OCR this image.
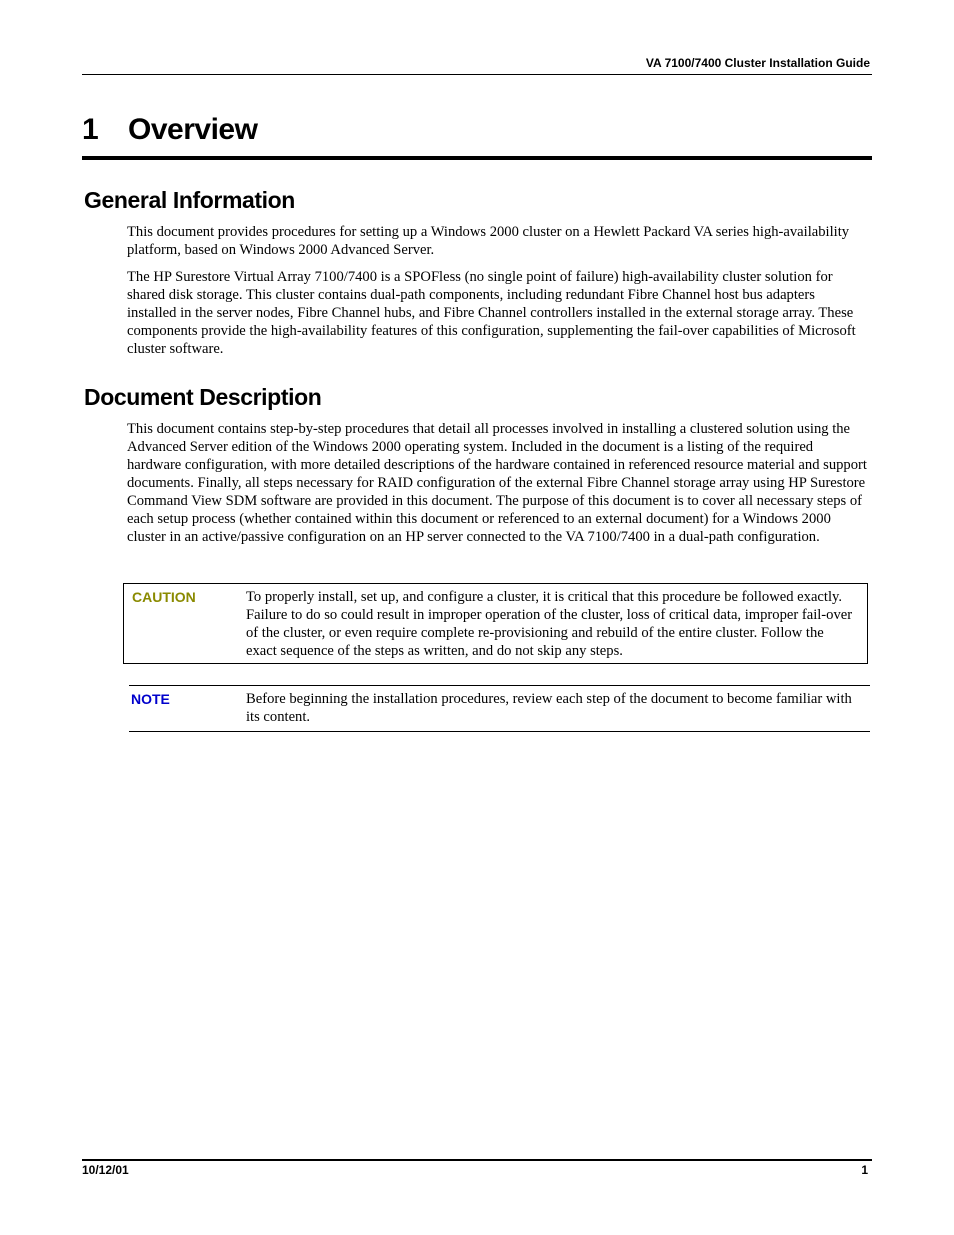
VA 7100/7400 Cluster Installation Guide
1 Overview
General Information

This document provides procedures for setting up a Windows 2000 cluster on a Hewlett Packard VA series high-availability platform, based on Windows 2000 Advanced Server.

The HP Surestore Virtual Array 7100/7400 is a SPOFless (no single point of failure) high-availability cluster solution for shared disk storage. This cluster contains dual-path components, including redundant Fibre Channel host bus adapters installed in the server nodes, Fibre Channel hubs, and Fibre Channel controllers installed in the external storage array. These components provide the high-availability features of this configuration, supplementing the fail-over capabilities of Microsoft cluster software.

Document Description

This document contains step-by-step procedures that detail all processes involved in installing a clustered solution using the Advanced Server edition of the Windows 2000 operating system. Included in the document is a listing of the required hardware configuration, with more detailed descriptions of the hardware contained in referenced resource material and support documents. Finally, all steps necessary for RAID configuration of the external Fibre Channel storage array using HP Surestore Command View SDM software are provided in this document. The purpose of this document is to cover all necessary steps of each setup process (whether contained within this document or referenced to an external document) for a Windows 2000 cluster in an active/passive configuration on an HP server connected to the VA 7100/7400 in a dual-path configuration.

CAUTION	To properly install, set up, and configure a cluster, it is critical that this procedure be followed exactly. Failure to do so could result in improper operation of the cluster, loss of critical data, improper fail-over of the cluster, or even require complete re-provisioning and rebuild of the entire cluster. Follow the exact sequence of the steps as written, and do not skip any steps.

NOTE	Before beginning the installation procedures, review each step of the document to become familiar with its content.

10/12/01	1
